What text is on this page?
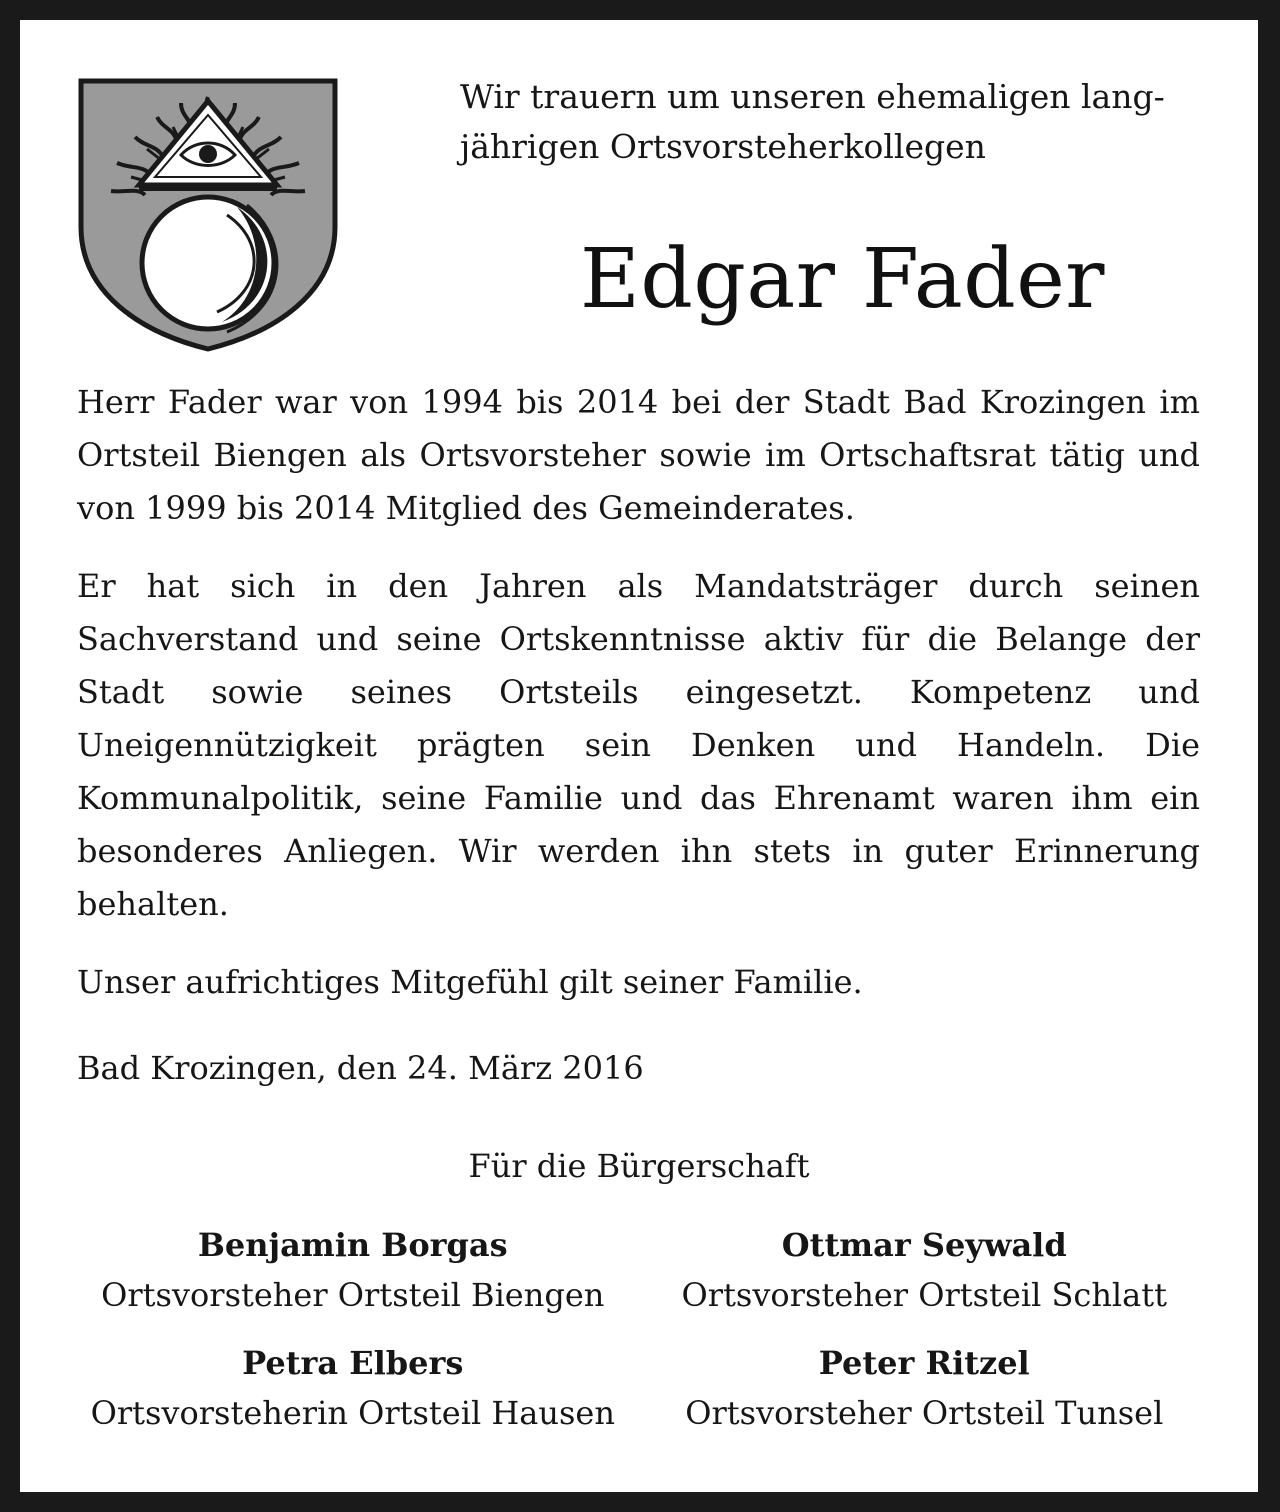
Wir trauern um unseren ehemaligen lang-
jährigen Ortsvorsteherkollegen
Edgar Fader

Herr Fader war von 1994 bis 2014 bei der Stadt Bad Krozingen im Ortsteil Biengen als Ortsvorsteher sowie im Ortschaftsrat tätig und von 1999 bis 2014 Mitglied des Gemeinderates.

Er hat sich in den Jahren als Mandatsträger durch seinen Sachverstand und seine Ortskenntnisse aktiv für die Belange der Stadt sowie seines Ortsteils eingesetzt. Kompetenz und Uneigennützigkeit prägten sein Denken und Handeln. Die Kommunalpolitik, seine Familie und das Ehrenamt waren ihm ein besonderes Anliegen. Wir werden ihn stets in guter Erinnerung behalten.

Unser aufrichtiges Mitgefühl gilt seiner Familie.

Bad Krozingen, den 24. März 2016
Für die Bürgerschaft
Benjamin Borgas
Ortsvorsteher Ortsteil Biengen
Ottmar Seywald
Ortsvorsteher Ortsteil Schlatt
Petra Elbers
Ortsvorsteherin Ortsteil Hausen
Peter Ritzel
Ortsvorsteher Ortsteil Tunsel
